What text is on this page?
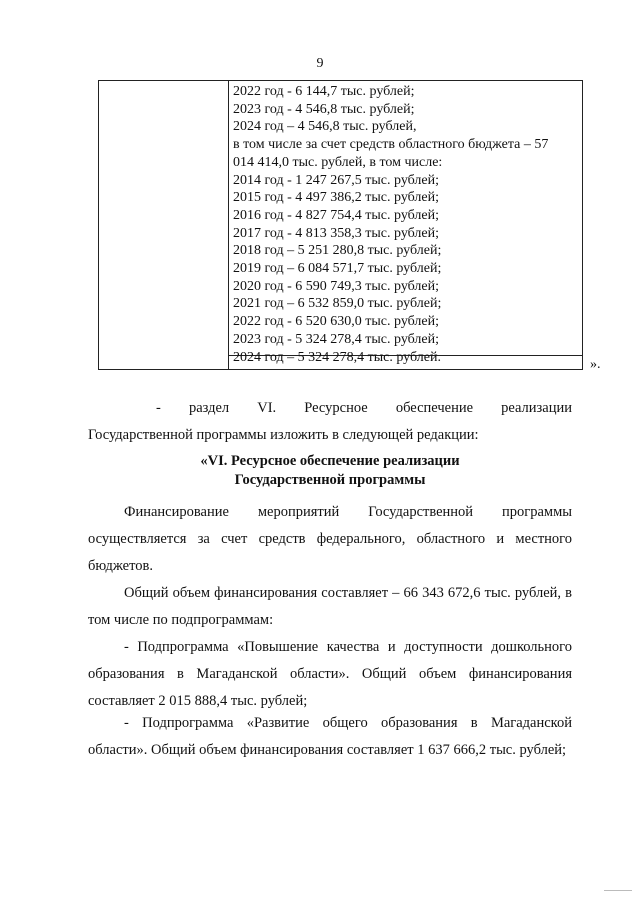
9
2022 год - 6 144,7 тыс. рублей;
2023 год - 4 546,8 тыс. рублей;
2024 год – 4 546,8 тыс. рублей,
в том числе за счет средств областного бюджета – 57
014 414,0 тыс. рублей, в том числе:
2014 год - 1 247 267,5 тыс. рублей;
2015 год - 4 497 386,2 тыс. рублей;
2016 год - 4 827 754,4 тыс. рублей;
2017 год - 4 813 358,3 тыс. рублей;
2018 год – 5 251 280,8 тыс. рублей;
2019 год – 6 084 571,7 тыс. рублей;
2020 год - 6 590 749,3 тыс. рублей;
2021 год – 6 532 859,0 тыс. рублей;
2022 год - 6 520 630,0 тыс. рублей;
2023 год - 5 324 278,4 тыс. рублей;
2024 год – 5 324 278,4 тыс. рублей.	».
- раздел VI. Ресурсное обеспечение реализации
Государственной программы изложить в следующей редакции:
«VI. Ресурсное обеспечение реализации
Государственной программы
Финансирование мероприятий Государственной программы
осуществляется за счет средств федерального, областного и местного бюджетов.
Общий объем финансирования составляет – 66 343 672,6 тыс. рублей, в том числе по подпрограммам:
- Подпрограмма «Повышение качества и доступности дошкольного образования в Магаданской области». Общий объем финансирования составляет 2 015 888,4 тыс. рублей;
- Подпрограмма «Развитие общего образования в Магаданской области». Общий объем финансирования составляет 1 637 666,2 тыс. рублей;
